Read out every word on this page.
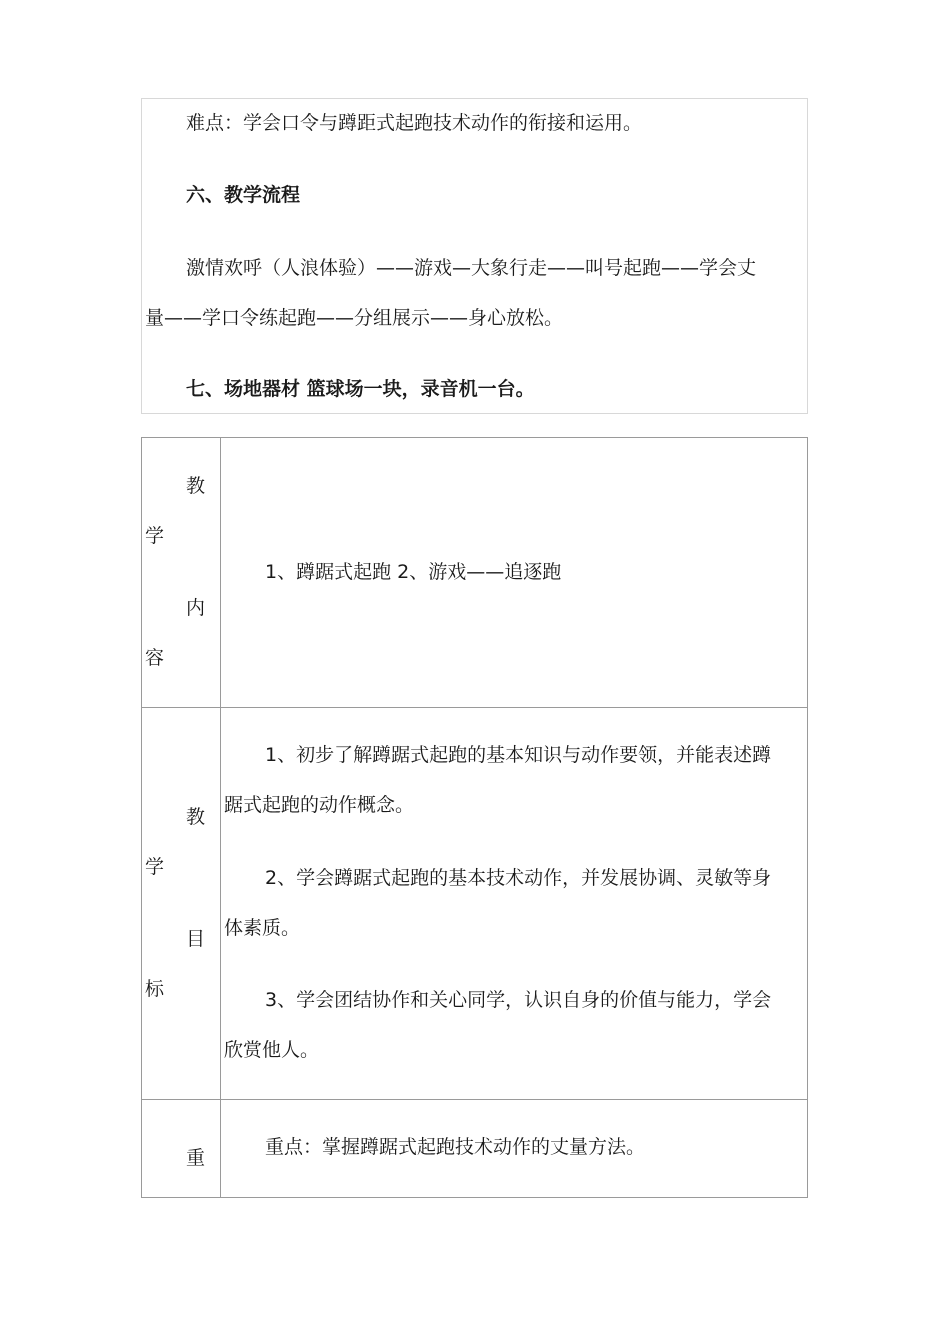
难点：学会口令与蹲距式起跑技术动作的衔接和运用。
六、教学流程
激情欢呼（人浪体验）——游戏—大象行走——叫号起跑——学会丈
量——学口令练起跑——分组展示——身心放松。
七、场地器材 篮球场一块，录音机一台。
教
学
内
容
1、蹲踞式起跑 2、游戏——追逐跑
教
学
目
标
1、初步了解蹲踞式起跑的基本知识与动作要领，并能表述蹲
踞式起跑的动作概念。
2、学会蹲踞式起跑的基本技术动作，并发展协调、灵敏等身
体素质。
3、学会团结协作和关心同学，认识自身的价值与能力，学会
欣赏他人。
重	重点：掌握蹲踞式起跑技术动作的丈量方法。
